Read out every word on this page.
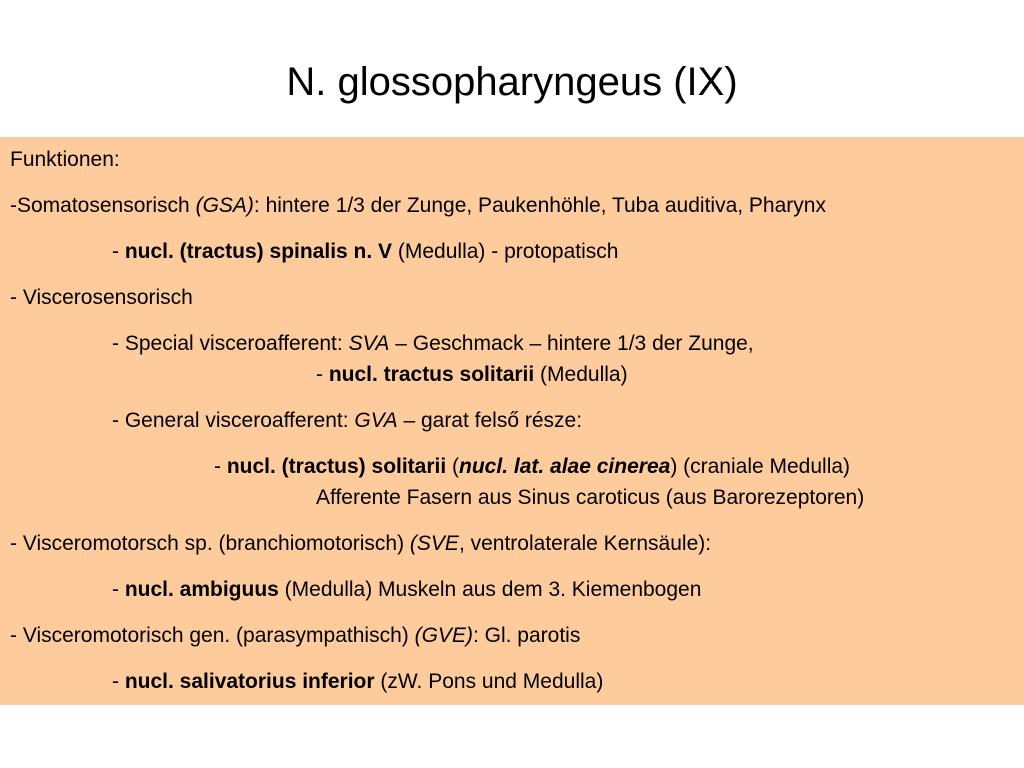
N. glossopharyngeus (IX)
Funktionen:
-Somatosensorisch (GSA): hintere 1/3 der Zunge, Paukenhöhle, Tuba auditiva, Pharynx
- nucl. (tractus) spinalis n. V (Medulla) - protopatisch
- Viscerosensorisch
- Special visceroafferent: SVA – Geschmack – hintere 1/3 der Zunge,
- nucl. tractus solitarii (Medulla)
- General visceroafferent: GVA – garat felső része:
- nucl. (tractus) solitarii (nucl. lat. alae cinerea) (craniale Medulla)
Afferente Fasern aus Sinus caroticus (aus Barorezeptoren)
- Visceromotorsch sp. (branchiomotorisch) (SVE, ventrolaterale Kernsäule):
- nucl. ambiguus (Medulla) Muskeln aus dem 3. Kiemenbogen
- Visceromotorisch gen. (parasympathisch) (GVE): Gl. parotis
- nucl. salivatorius inferior (zW. Pons und Medulla)
